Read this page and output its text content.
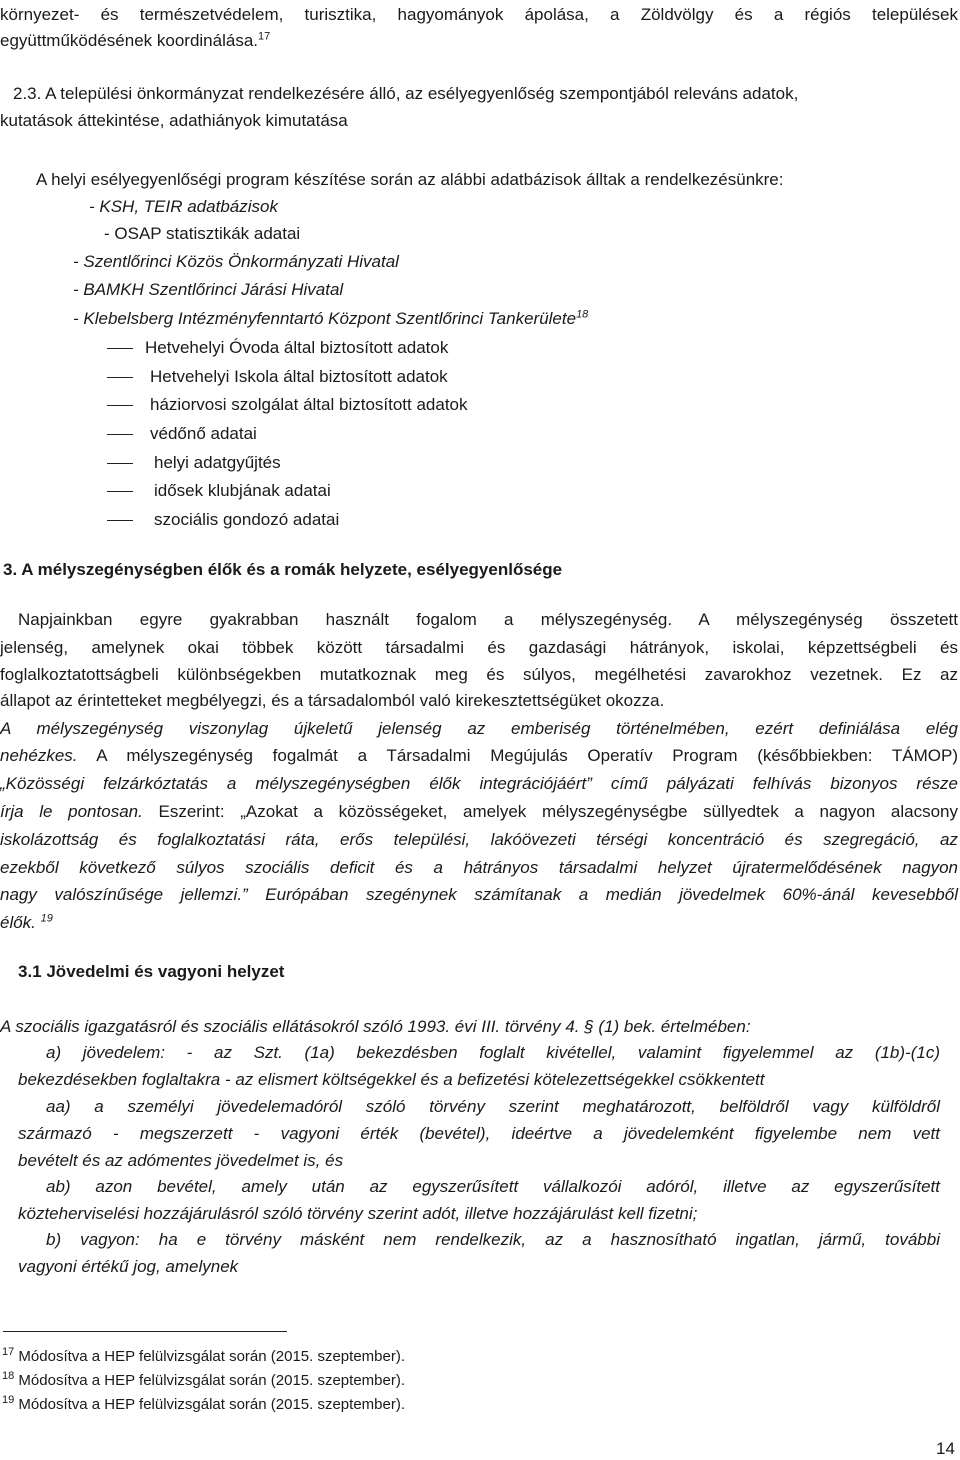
környezet- és természetvédelem, turisztika, hagyományok ápolása, a Zöldvölgy és a régiós települések
együttműködésének koordinálása.$^{17}$
2.3. A települési önkormányzat rendelkezésére álló, az esélyegyenlőség szempontjából releváns adatok,
kutatások áttekintése, adathiányok kimutatása
A helyi esélyegyenlőségi program készítése során az alábbi adatbázisok álltak a rendelkezésünkre:
- KSH, TEIR adatbázisok
- OSAP statisztikák adatai
- Szentlőrinci Közös Önkormányzati Hivatal
- BAMKH Szentlőrinci Járási Hivatal
- Klebelsberg Intézményfenntartó Központ Szentlőrinci Tankerülete$^{18}$
Hetvehelyi Óvoda által biztosított adatok
Hetvehelyi Iskola által biztosított adatok
háziorvosi szolgálat által biztosított adatok
védőnő adatai
helyi adatgyűjtés
idősek klubjának adatai
szociális gondozó adatai
3. A mélyszegénységben élők és a romák helyzete, esélyegyenlősége
Napjainkban egyre gyakrabban használt fogalom a mélyszegénység. A mélyszegénység összetett
jelenség, amelynek okai többek között társadalmi és gazdasági hátrányok, iskolai, képzettségbeli és
foglalkoztatottságbeli különbségekben mutatkoznak meg és súlyos, megélhetési zavarokhoz vezetnek. Ez az
állapot az érintetteket megbélyegzi, és a társadalomból való kirekesztettségüket okozza.
A mélyszegénység viszonylag újkeletű jelenség az emberiség történelmében, ezért definiálása elég
nehézkes. A mélyszegénység fogalmát a Társadalmi Megújulás Operatív Program (későbbiekben: TÁMOP)
„Közösségi felzárkóztatás a mélyszegénységben élők integrációjáért” című pályázati felhívás bizonyos része
írja le pontosan. Eszerint: „Azokat a közösségeket, amelyek mélyszegénységbe süllyedtek a nagyon alacsony
iskolázottság és foglalkoztatási ráta, erős települési, lakóövezeti térségi koncentráció és szegregáció, az
ezekből következő súlyos szociális deficit és a hátrányos társadalmi helyzet újratermelődésének nagyon
nagy valószínűsége jellemzi.” Európában szegénynek számítanak a medián jövedelmek 60%-ánál kevesebből
élők. $^{19}$
3.1 Jövedelmi és vagyoni helyzet
A szociális igazgatásról és szociális ellátásokról szóló 1993. évi III. törvény 4. § (1) bek. értelmében:
a) jövedelem: - az Szt. (1a) bekezdésben foglalt kivétellel, valamint figyelemmel az (1b)-(1c)
bekezdésekben foglaltakra - az elismert költségekkel és a befizetési kötelezettségekkel csökkentett
aa) a személyi jövedelemadóról szóló törvény szerint meghatározott, belföldről vagy külföldről
származó - megszerzett - vagyoni érték (bevétel), ideértve a jövedelemként figyelembe nem vett
bevételt és az adómentes jövedelmet is, és
ab) azon bevétel, amely után az egyszerűsített vállalkozói adóról, illetve az egyszerűsített
közteherviselési hozzájárulásról szóló törvény szerint adót, illetve hozzájárulást kell fizetni;
b) vagyon: ha e törvény másként nem rendelkezik, az a hasznosítható ingatlan, jármű, további
vagyoni értékű jog, amelynek
$^{17}$ Módosítva a HEP felülvizsgálat során (2015. szeptember).
$^{18}$ Módosítva a HEP felülvizsgálat során (2015. szeptember).
$^{19}$ Módosítva a HEP felülvizsgálat során (2015. szeptember).
14
